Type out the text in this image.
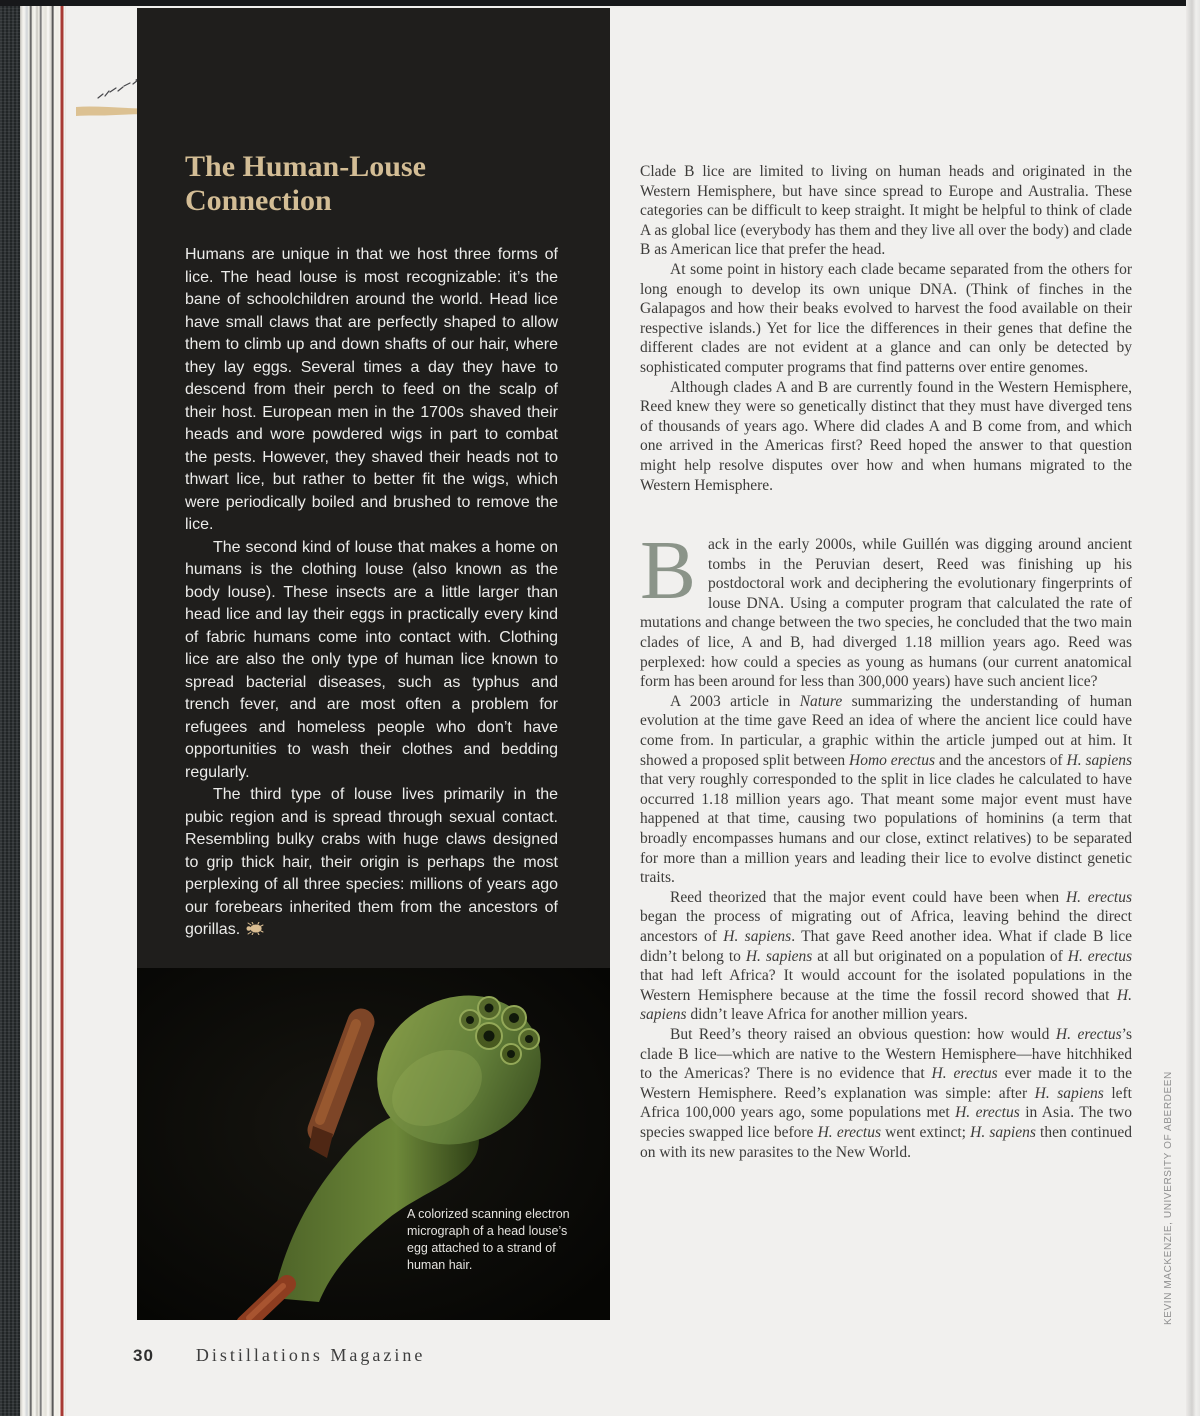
The Human-Louse Connection

Humans are unique in that we host three forms of lice. The head louse is most recognizable: it’s the bane of schoolchildren around the world. Head lice have small claws that are perfectly shaped to allow them to climb up and down shafts of our hair, where they lay eggs. Several times a day they have to descend from their perch to feed on the scalp of their host. European men in the 1700s shaved their heads and wore powdered wigs in part to combat the pests. However, they shaved their heads not to thwart lice, but rather to better fit the wigs, which were periodically boiled and brushed to remove the lice.

The second kind of louse that makes a home on humans is the clothing louse (also known as the body louse). These insects are a little larger than head lice and lay their eggs in practically every kind of fabric humans come into contact with. Clothing lice are also the only type of human lice known to spread bacterial diseases, such as typhus and trench fever, and are most often a problem for refugees and homeless people who don’t have opportunities to wash their clothes and bedding regularly.

The third type of louse lives primarily in the pubic region and is spread through sexual contact. Resembling bulky crabs with huge claws designed to grip thick hair, their origin is perhaps the most perplexing of all three species: millions of years ago our forebears inherited them from the ancestors of gorillas.

A colorized scanning electron micrograph of a head louse’s egg attached to a strand of human hair.

Clade B lice are limited to living on human heads and originated in the Western Hemisphere, but have since spread to Europe and Australia. These categories can be difficult to keep straight. It might be helpful to think of clade A as global lice (everybody has them and they live all over the body) and clade B as American lice that prefer the head.

At some point in history each clade became separated from the others for long enough to develop its own unique DNA. (Think of finches in the Galapagos and how their beaks evolved to harvest the food available on their respective islands.) Yet for lice the differences in their genes that define the different clades are not evident at a glance and can only be detected by sophisticated computer programs that find patterns over entire genomes.

Although clades A and B are currently found in the Western Hemisphere, Reed knew they were so genetically distinct that they must have diverged tens of thousands of years ago. Where did clades A and B come from, and which one arrived in the Americas first? Reed hoped the answer to that question might help resolve disputes over how and when humans migrated to the Western Hemisphere.

Back in the early 2000s, while Guillén was digging around ancient tombs in the Peruvian desert, Reed was finishing up his postdoctoral work and deciphering the evolutionary fingerprints of louse DNA. Using a computer program that calculated the rate of mutations and change between the two species, he concluded that the two main clades of lice, A and B, had diverged 1.18 million years ago. Reed was perplexed: how could a species as young as humans (our current anatomical form has been around for less than 300,000 years) have such ancient lice?

A 2003 article in Nature summarizing the understanding of human evolution at the time gave Reed an idea of where the ancient lice could have come from. In particular, a graphic within the article jumped out at him. It showed a proposed split between Homo erectus and the ancestors of H. sapiens that very roughly corresponded to the split in lice clades he calculated to have occurred 1.18 million years ago. That meant some major event must have happened at that time, causing two populations of hominins (a term that broadly encompasses humans and our close, extinct relatives) to be separated for more than a million years and leading their lice to evolve distinct genetic traits.

Reed theorized that the major event could have been when H. erectus began the process of migrating out of Africa, leaving behind the direct ancestors of H. sapiens. That gave Reed another idea. What if clade B lice didn’t belong to H. sapiens at all but originated on a population of H. erectus that had left Africa? It would account for the isolated populations in the Western Hemisphere because at the time the fossil record showed that H. sapiens didn’t leave Africa for another million years.

But Reed’s theory raised an obvious question: how would H. erectus’s clade B lice—which are native to the Western Hemisphere—have hitchhiked to the Americas? There is no evidence that H. erectus ever made it to the Western Hemisphere. Reed’s explanation was simple: after H. sapiens left Africa 100,000 years ago, some populations met H. erectus in Asia. The two species swapped lice before H. erectus went extinct; H. sapiens then continued on with its new parasites to the New World.

30 Distillations Magazine
KEVIN MACKENZIE, UNIVERSITY OF ABERDEEN
